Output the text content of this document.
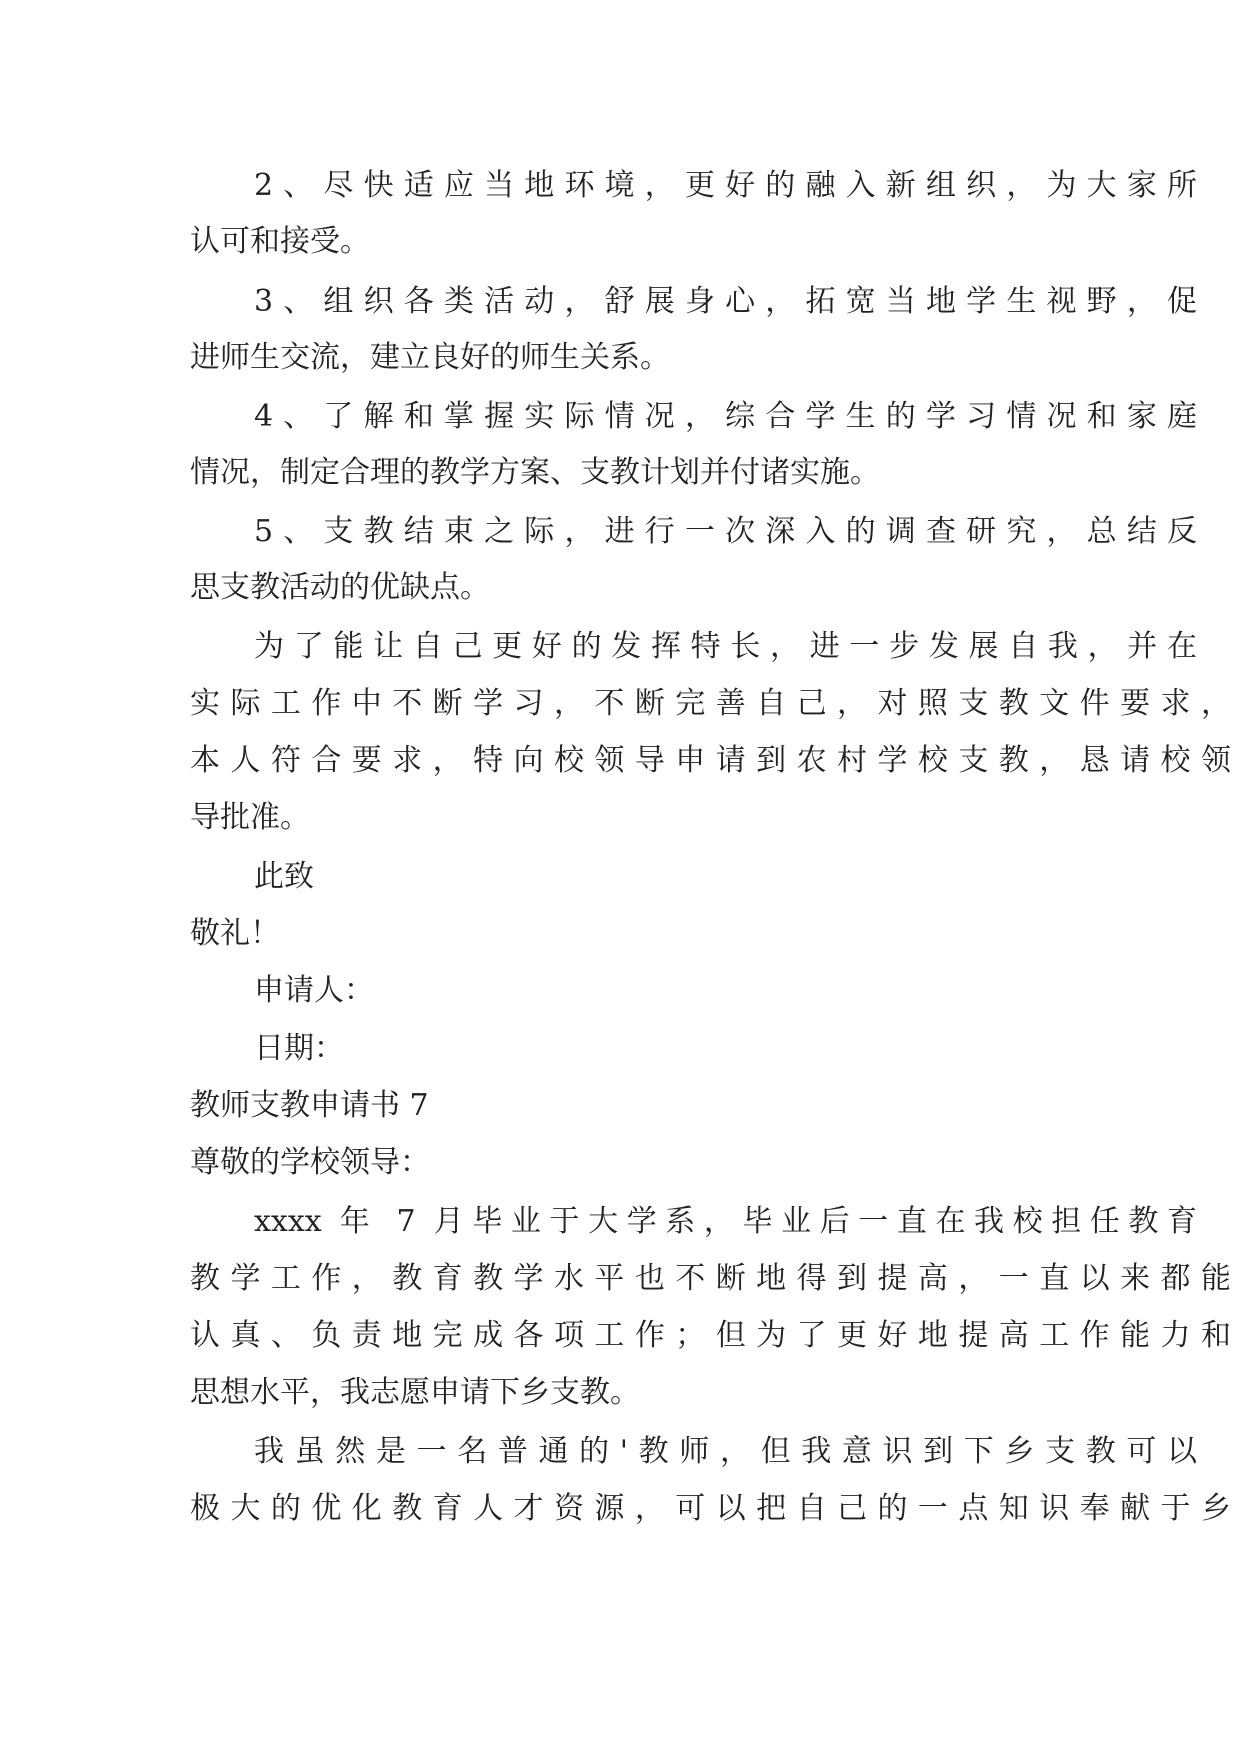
2、尽快适应当地环境，更好的融入新组织，为大家所
认可和接受。
3、组织各类活动，舒展身心，拓宽当地学生视野，促
进师生交流，建立良好的师生关系。
4、了解和掌握实际情况，综合学生的学习情况和家庭
情况，制定合理的教学方案、支教计划并付诸实施。
5、支教结束之际，进行一次深入的调查研究，总结反
思支教活动的优缺点。
为了能让自己更好的发挥特长，进一步发展自我，并在
实际工作中不断学习，不断完善自己，对照支教文件要求，
本人符合要求，特向校领导申请到农村学校支教，恳请校领
导批准。
此致
敬礼！
申请人：
日期：
教师支教申请书 7
尊敬的学校领导：
xxxx 年 7 月毕业于大学系，毕业后一直在我校担任教育
教学工作，教育教学水平也不断地得到提高，一直以来都能
认真、负责地完成各项工作；但为了更好地提高工作能力和
思想水平，我志愿申请下乡支教。
我虽然是一名普通的'教师，但我意识到下乡支教可以
极大的优化教育人才资源，可以把自己的一点知识奉献于乡
